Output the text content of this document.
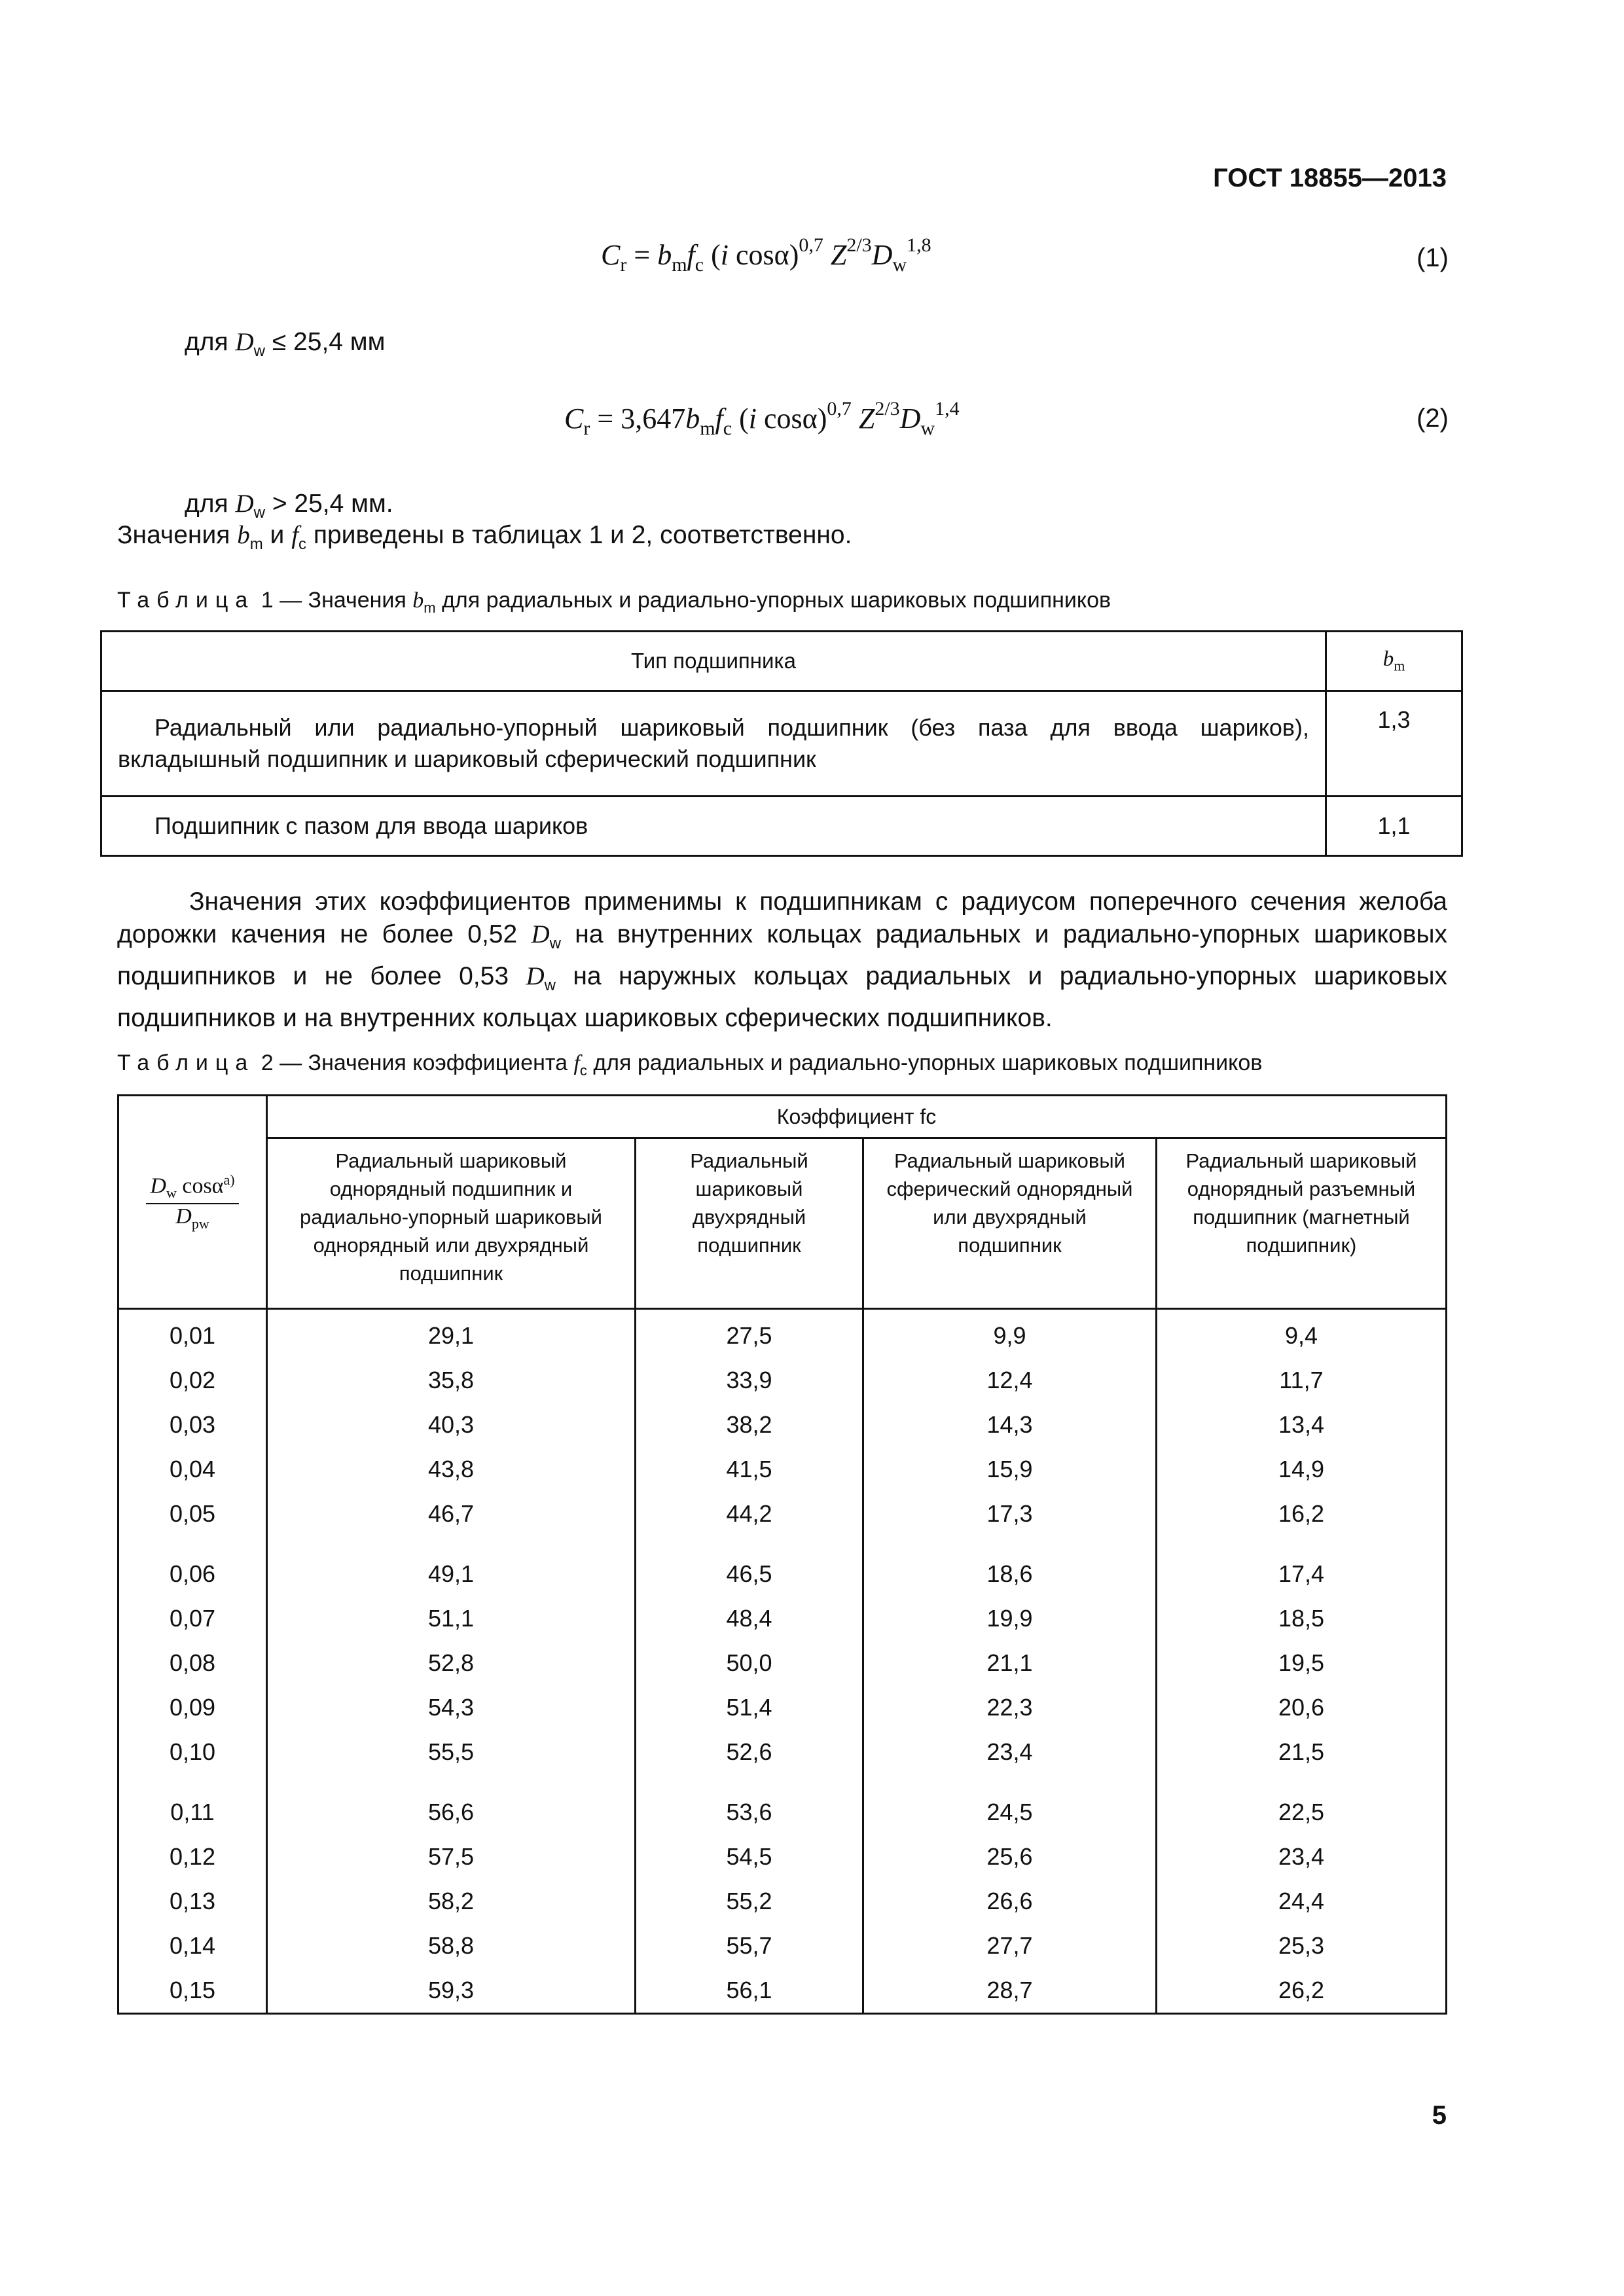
ГОСТ 18855—2013
$C_r = b_mf_c$ (i cosα)$^{0,7}$ $Z^{2/3}D_w^{1,8}$	(1)
для $D_w \le 25,4$ мм
$C_r = 3,647b_mf_c$ (i cosα)$^{0,7}$ $Z^{2/3}D_w^{1,4}$	(2)
для $D_w > 25,4$ мм.
Значения $b_m$ и $f_c$ приведены в таблицах 1 и 2, соответственно.
Таблица 1 — Значения $b_m$ для радиальных и радиально-упорных шариковых подшипников
Тип подшипника	$b_m$
Радиальный или радиально-упорный шариковый подшипник (без паза для ввода шариков), вкладышный подшипник и шариковый сферический подшипник	1,3
Подшипник с пазом для ввода шариков	1,1
Значения этих коэффициентов применимы к подшипникам с радиусом поперечного сечения желоба дорожки качения не более 0,52 $D_w$ на внутренних кольцах радиальных и радиально-упорных шариковых подшипников и не более 0,53 $D_w$ на наружных кольцах радиальных и радиально-упорных шариковых подшипников и на внутренних кольцах шариковых сферических подшипников.
Таблица 2 — Значения коэффициента $f_c$ для радиальных и радиально-упорных шариковых подшипников
$\frac{D_w \cos\alpha^{а)}}{D_{pw}}$	Коэффициент fc			

	Радиальный шариковый однорядный подшипник и радиально-упорный шариковый однорядный или двухрядный подшипник	Радиальный шариковый двухрядный подшипник	Радиальный шариковый сферический однорядный или двухрядный подшипник	Радиальный шариковый однорядный разъемный подшипник (магнетный подшипник)

0,01	29,1	27,5	9,9	9,4
0,02	35,8	33,9	12,4	11,7
0,03	40,3	38,2	14,3	13,4
0,04	43,8	41,5	15,9	14,9
0,05	46,7	44,2	17,3	16,2
0,06	49,1	46,5	18,6	17,4
0,07	51,1	48,4	19,9	18,5
0,08	52,8	50,0	21,1	19,5
0,09	54,3	51,4	22,3	20,6
0,10	55,5	52,6	23,4	21,5
0,11	56,6	53,6	24,5	22,5
0,12	57,5	54,5	25,6	23,4
0,13	58,2	55,2	26,6	24,4
0,14	58,8	55,7	27,7	25,3
0,15	59,3	56,1	28,7	26,2
5
